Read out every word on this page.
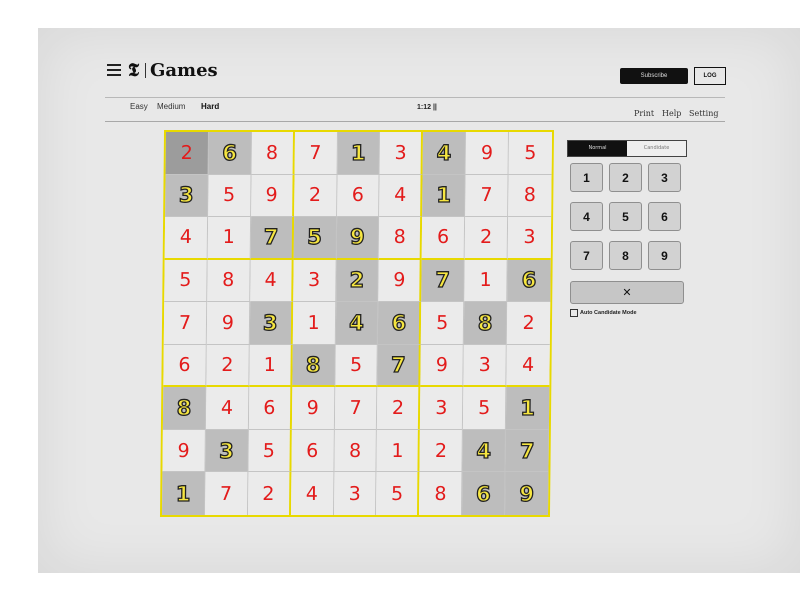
𝕿 Games	Subscribe	LOG
Easy Medium Hard	1:12 ||
Print Help Setting
2	6	8	7	1	3	4	9	5
3	5	9	2	6	4	1	7	8
4	1	7	5	9	8	6	2	3
5	8	4	3	2	9	7	1	6
7	9	3	1	4	6	5	8	2
6	2	1	8	5	7	9	3	4
8	4	6	9	7	2	3	5	1
9	3	5	6	8	1	2	4	7
1	7	2	4	3	5	8	6	9
Normal	Candidate
1	2	3
4	5	6
7	8	9
✕
Auto Candidate Mode
